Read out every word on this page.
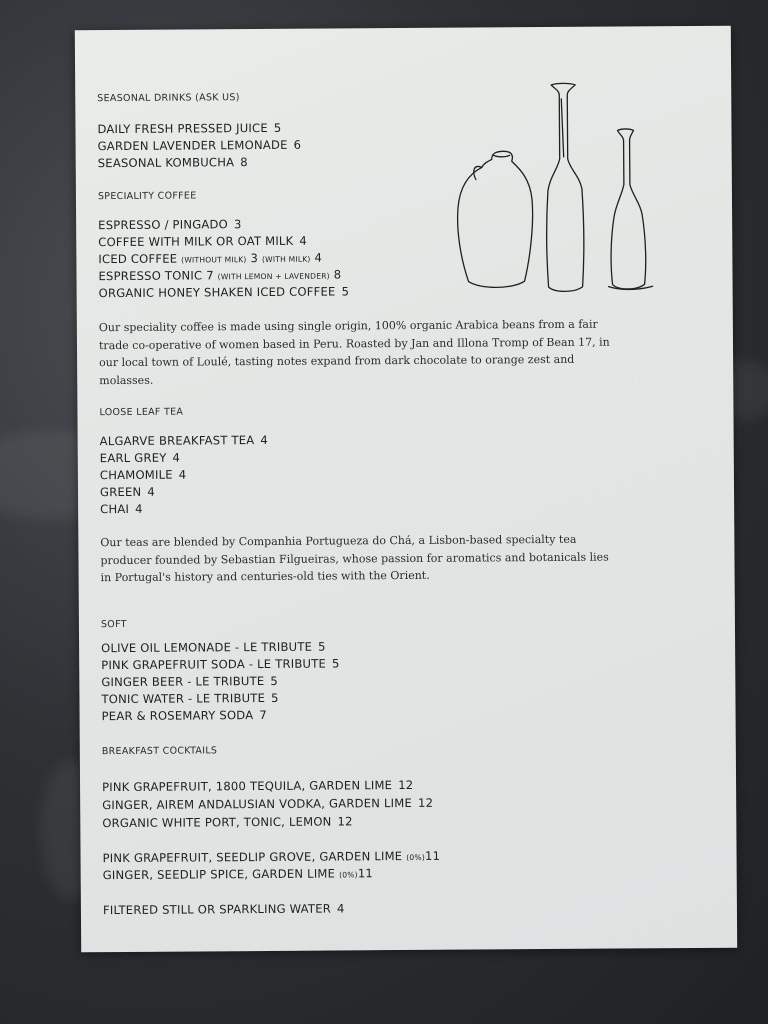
SEASONAL DRINKS (ASK US)
DAILY FRESH PRESSED JUICE 5
GARDEN LAVENDER LEMONADE 6
SEASONAL KOMBUCHA 8
SPECIALITY COFFEE
ESPRESSO / PINGADO 3
COFFEE WITH MILK OR OAT MILK 4
ICED COFFEE (WITHOUT MILK) 3 (WITH MILK) 4
ESPRESSO TONIC 7 (WITH LEMON + LAVENDER) 8
ORGANIC HONEY SHAKEN ICED COFFEE 5
Our speciality coffee is made using single origin, 100% organic Arabica beans from a fair trade co-operative of women based in Peru. Roasted by Jan and Illona Tromp of Bean 17, in our local town of Loulé, tasting notes expand from dark chocolate to orange zest and molasses.
LOOSE LEAF TEA
ALGARVE BREAKFAST TEA 4
EARL GREY 4
CHAMOMILE 4
GREEN 4
CHAI 4
Our teas are blended by Companhia Portugueza do Chá, a Lisbon-based specialty tea producer founded by Sebastian Filgueiras, whose passion for aromatics and botanicals lies in Portugal's history and centuries-old ties with the Orient.
SOFT
OLIVE OIL LEMONADE - LE TRIBUTE 5
PINK GRAPEFRUIT SODA - LE TRIBUTE 5
GINGER BEER - LE TRIBUTE 5
TONIC WATER - LE TRIBUTE 5
PEAR & ROSEMARY SODA 7
BREAKFAST COCKTAILS
PINK GRAPEFRUIT, 1800 TEQUILA, GARDEN LIME 12
GINGER, AIREM ANDALUSIAN VODKA, GARDEN LIME 12
ORGANIC WHITE PORT, TONIC, LEMON 12
PINK GRAPEFRUIT, SEEDLIP GROVE, GARDEN LIME (0%)11
GINGER, SEEDLIP SPICE, GARDEN LIME (0%)11
FILTERED STILL OR SPARKLING WATER 4
